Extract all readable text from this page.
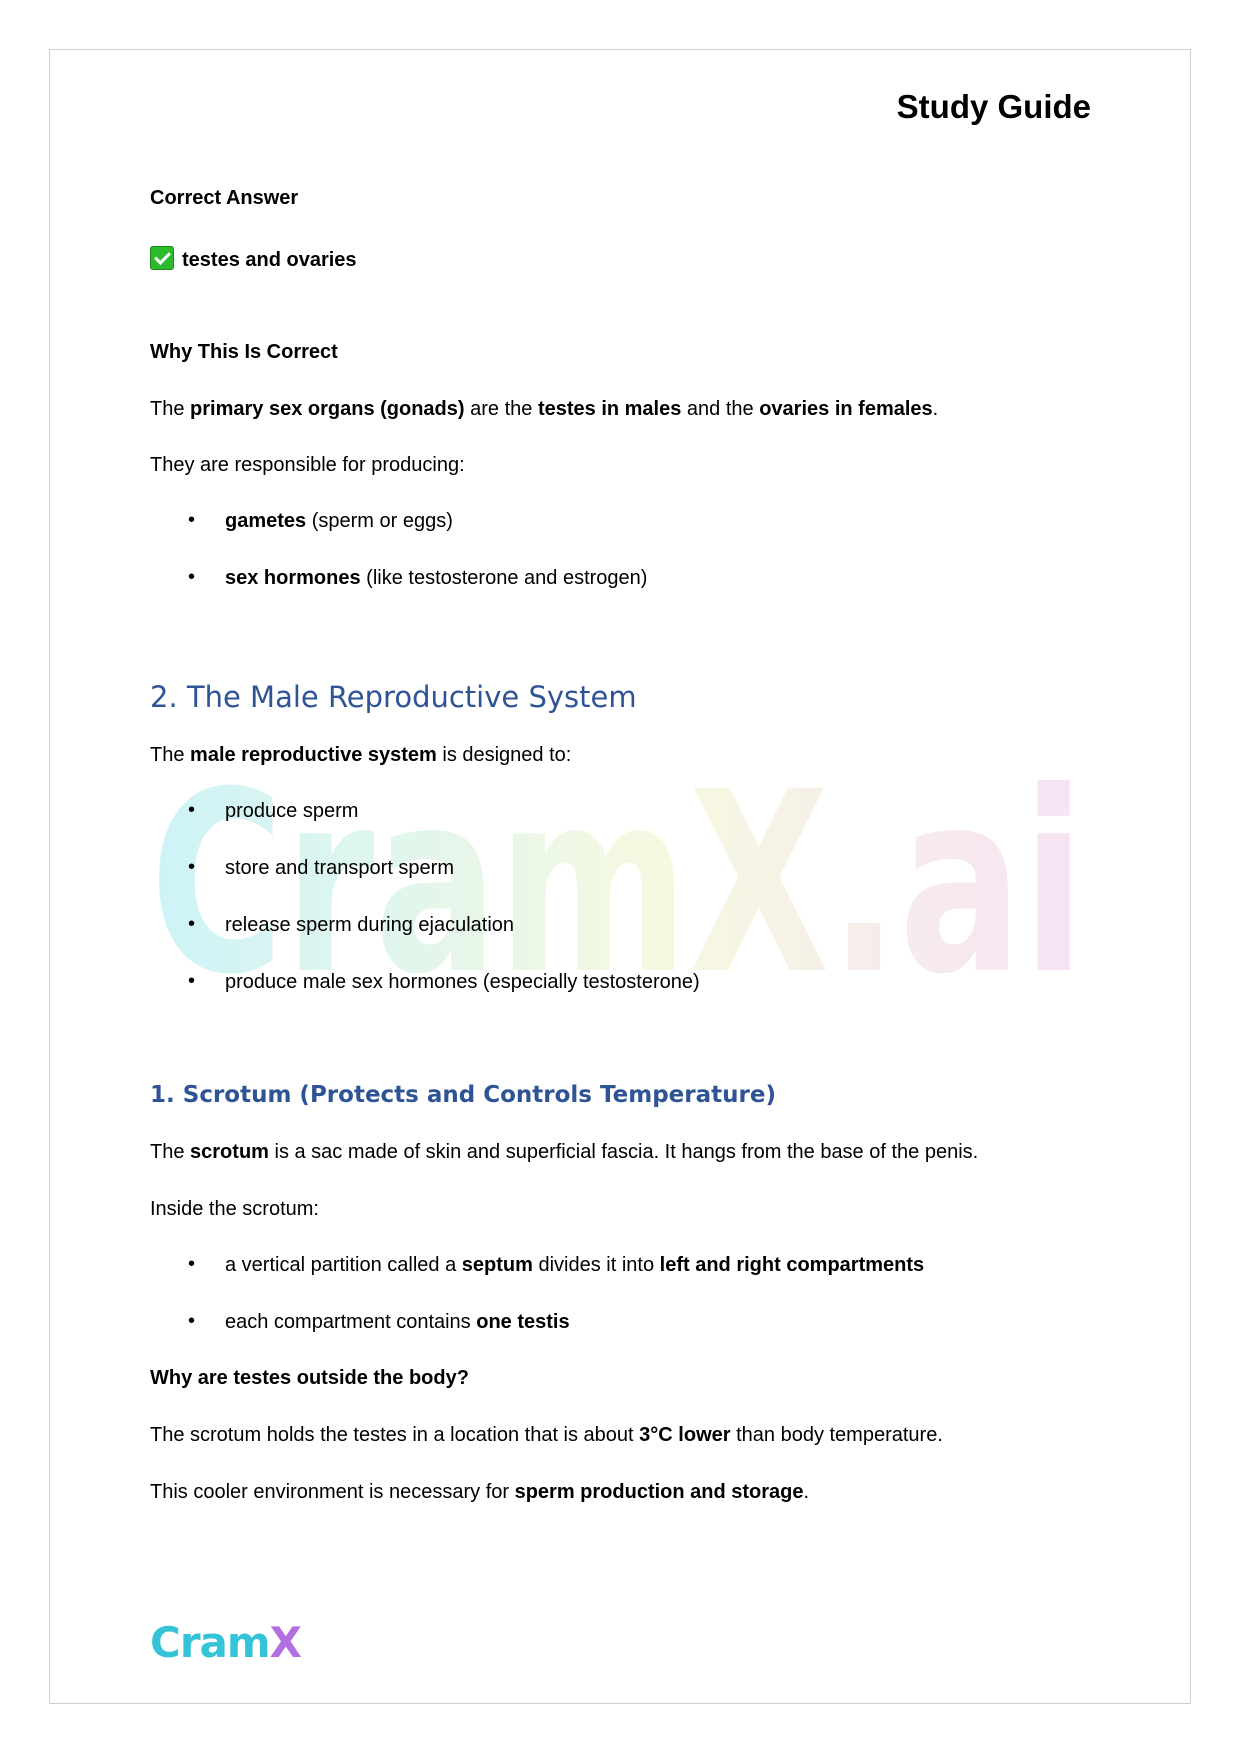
CramX.ai
Study Guide

Correct Answer

testes and ovaries

Why This Is Correct

The primary sex organs (gonads) are the testes in males and the ovaries in females.

They are responsible for producing:

• gametes (sperm or eggs)

• sex hormones (like testosterone and estrogen)

2. The Male Reproductive System

The male reproductive system is designed to:

• produce sperm

• store and transport sperm

• release sperm during ejaculation

• produce male sex hormones (especially testosterone)

1. Scrotum (Protects and Controls Temperature)

The scrotum is a sac made of skin and superficial fascia. It hangs from the base of the penis.

Inside the scrotum:

• a vertical partition called a septum divides it into left and right compartments

• each compartment contains one testis

Why are testes outside the body?

The scrotum holds the testes in a location that is about 3°C lower than body temperature.

This cooler environment is necessary for sperm production and storage.

CramX
